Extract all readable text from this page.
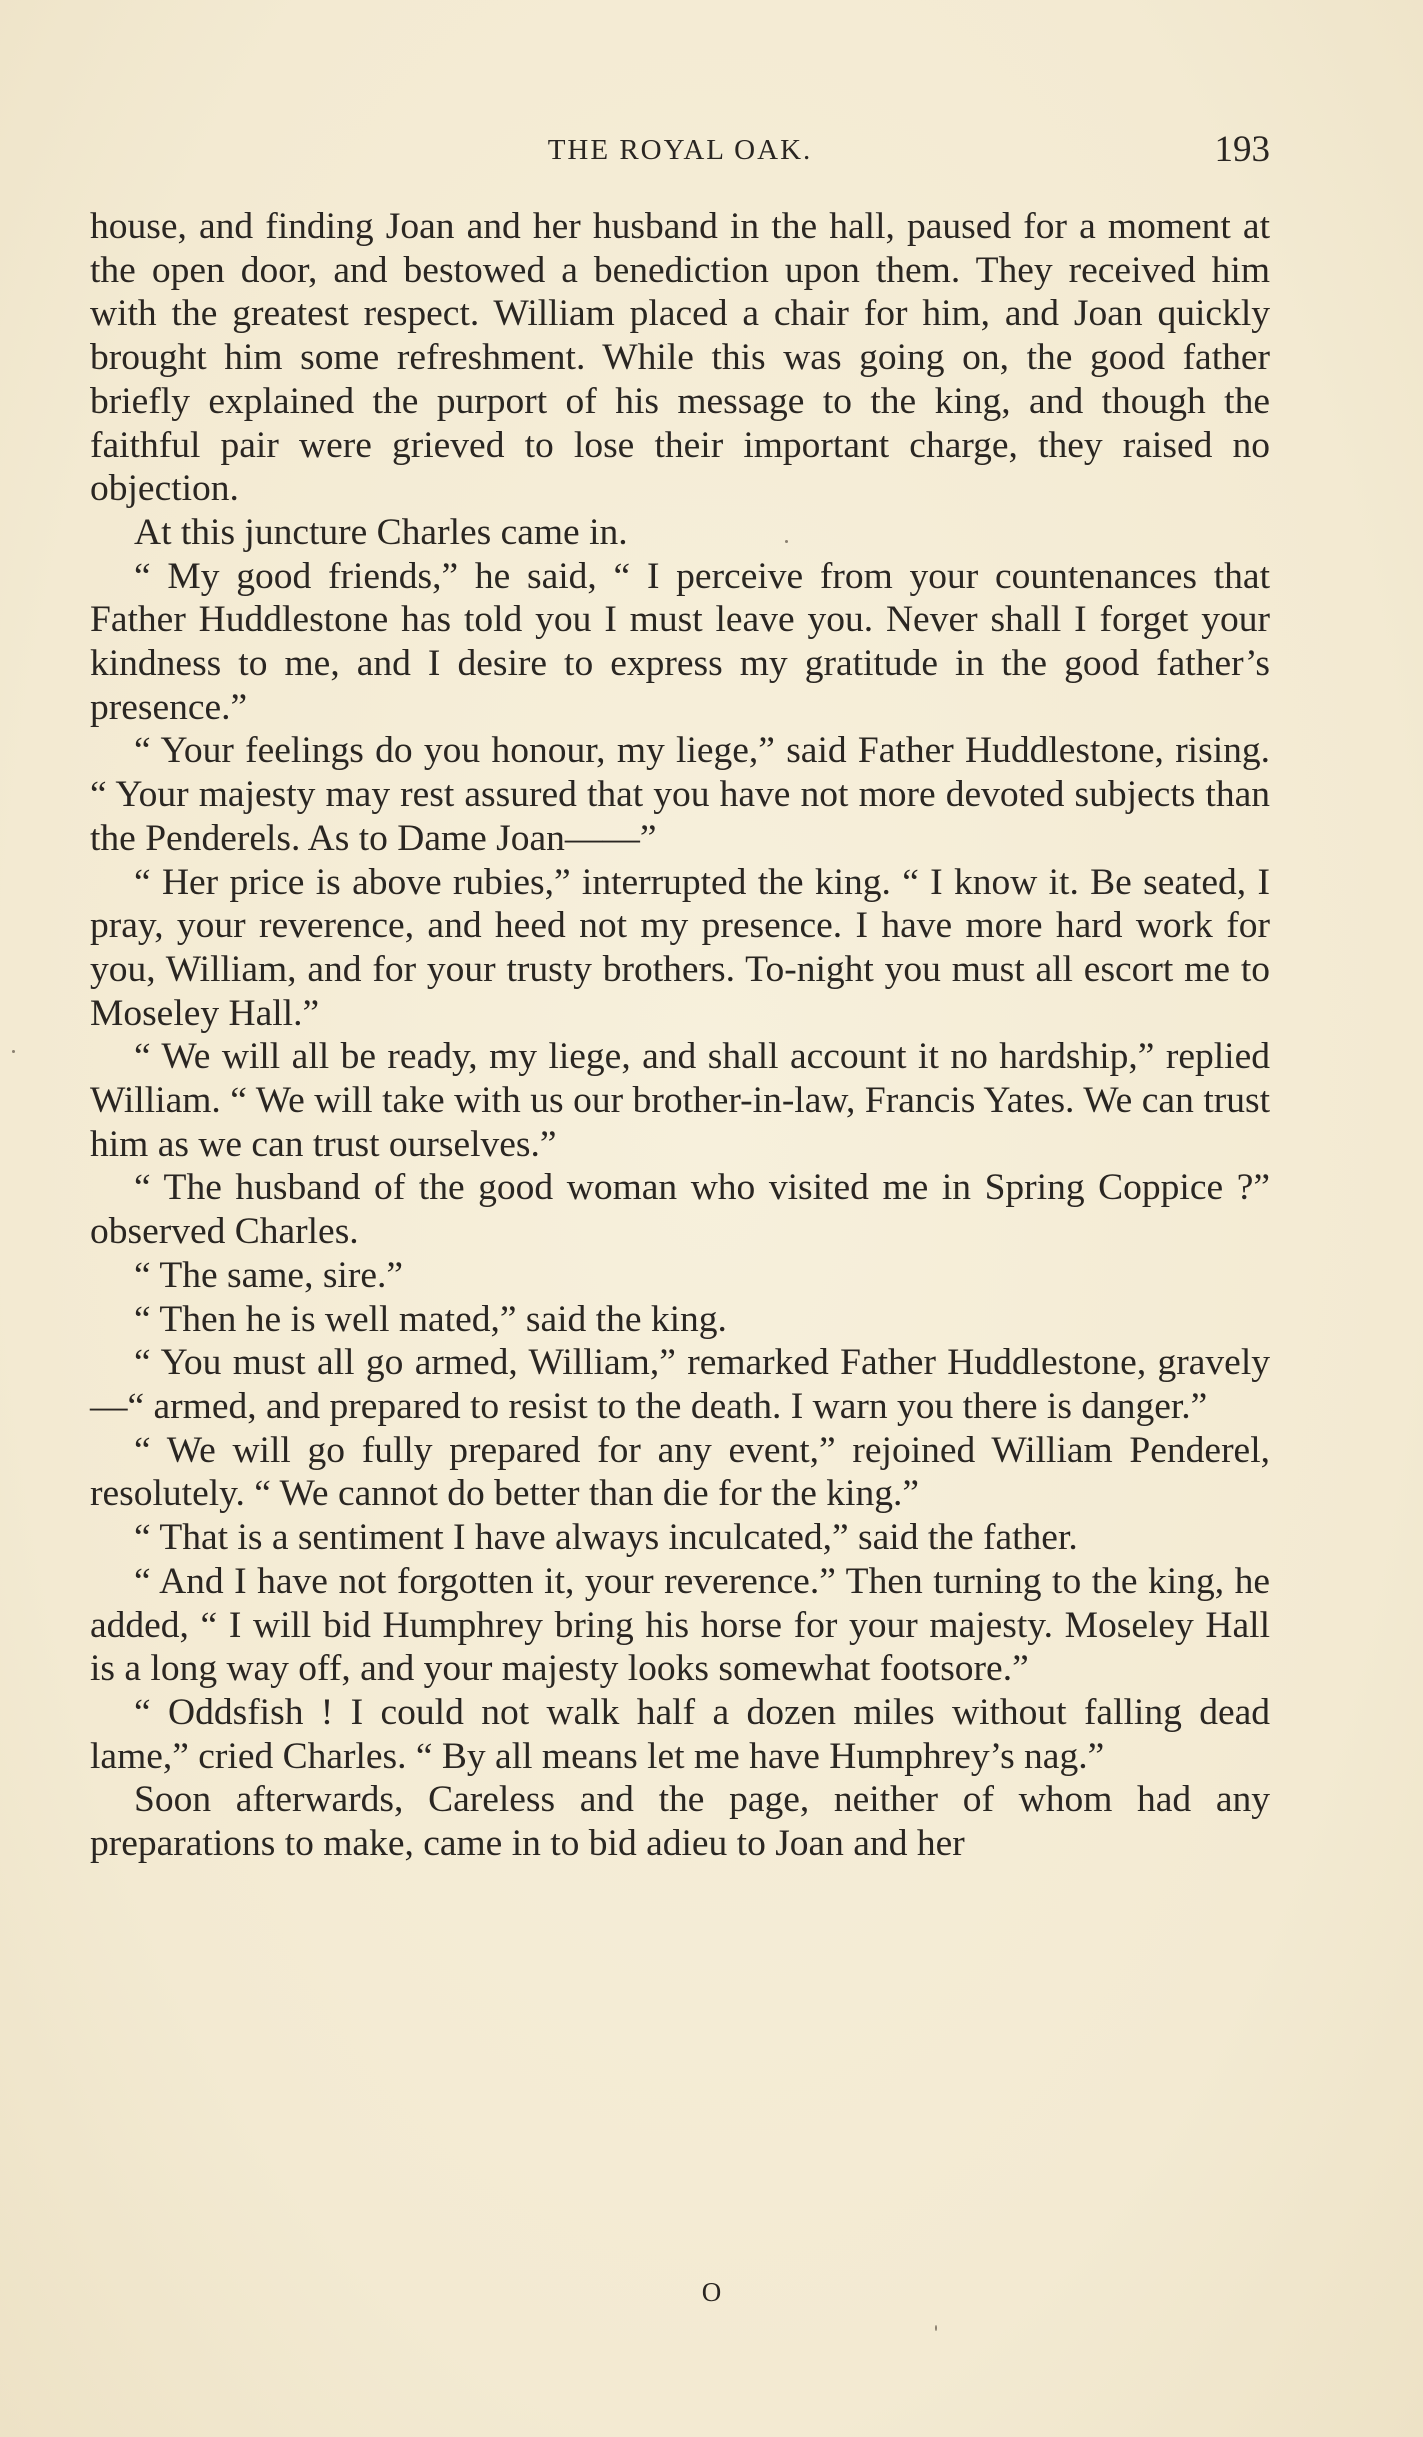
THE ROYAL OAK.	193

house, and finding Joan and her husband in the hall, paused for a moment at the open door, and bestowed a benediction upon them. They received him with the greatest respect. William placed a chair for him, and Joan quickly brought him some refreshment. While this was going on, the good father briefly explained the purport of his message to the king, and though the faithful pair were grieved to lose their important charge, they raised no objection.

At this juncture Charles came in.

“ My good friends,” he said, “ I perceive from your countenances that Father Huddlestone has told you I must leave you. Never shall I forget your kindness to me, and I desire to express my gratitude in the good father’s presence.”

“ Your feelings do you honour, my liege,” said Father Huddlestone, rising. “ Your majesty may rest assured that you have not more devoted subjects than the Penderels. As to Dame Joan——”

“ Her price is above rubies,” interrupted the king. “ I know it. Be seated, I pray, your reverence, and heed not my presence. I have more hard work for you, William, and for your trusty brothers. To-night you must all escort me to Moseley Hall.”

“ We will all be ready, my liege, and shall account it no hardship,” replied William. “ We will take with us our brother-in-law, Francis Yates. We can trust him as we can trust ourselves.”

“ The husband of the good woman who visited me in Spring Coppice ?” observed Charles.

“ The same, sire.”

“ Then he is well mated,” said the king.

“ You must all go armed, William,” remarked Father Huddlestone, gravely—“ armed, and prepared to resist to the death. I warn you there is danger.”

“ We will go fully prepared for any event,” rejoined William Penderel, resolutely. “ We cannot do better than die for the king.”

“ That is a sentiment I have always inculcated,” said the father.

“ And I have not forgotten it, your reverence.” Then turning to the king, he added, “ I will bid Humphrey bring his horse for your majesty. Moseley Hall is a long way off, and your majesty looks somewhat footsore.”

“ Oddsfish ! I could not walk half a dozen miles without falling dead lame,” cried Charles. “ By all means let me have Humphrey’s nag.”

Soon afterwards, Careless and the page, neither of whom had any preparations to make, came in to bid adieu to Joan and her

O
